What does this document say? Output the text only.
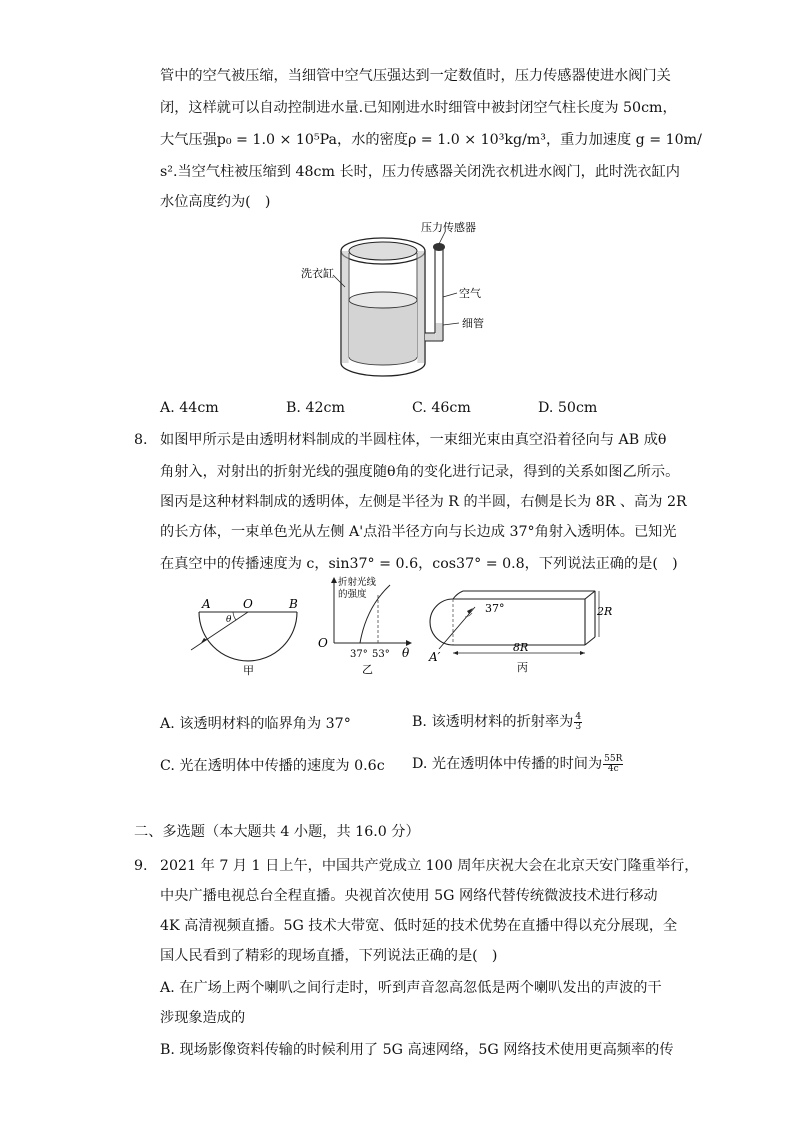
管中的空气被压缩，当细管中空气压强达到一定数值时，压力传感器使进水阀门关
闭，这样就可以自动控制进水量.已知刚进水时细管中被封闭空气柱长度为 50cm，
大气压强p₀ = 1.0 × 10⁵Pa，水的密度ρ = 1.0 × 10³kg/m³，重力加速度 g = 10m/
s².当空气柱被压缩到 48cm 长时，压力传感器关闭洗衣机进水阀门，此时洗衣缸内
水位高度约为(　)
压力传感器
洗衣缸
空气
细管
A. 44cm	B. 42cm	C. 46cm	D. 50cm
8. 如图甲所示是由透明材料制成的半圆柱体，一束细光束由真空沿着径向与 AB 成θ
角射入，对射出的折射光线的强度随θ角的变化进行记录，得到的关系如图乙所示。
图丙是这种材料制成的透明体，左侧是半径为 R 的半圆，右侧是长为 8R 、高为 2R
的长方体，一束单色光从左侧 A'点沿半径方向与长边成 37°角射入透明体。已知光
在真空中的传播速度为 c，sin37° = 0.6，cos37° = 0.8，下列说法正确的是(　)
A	O	B
θ
甲
折射光线
的强度
O
37° 53° θ
乙
37°	2R
8R
A′
丙
A. 该透明材料的临界角为 37°	B. 该透明材料的折射率为 $\frac{4}{3}$
C. 光在透明体中传播的速度为 0.6c D. 光在透明体中传播的时间为 $\frac{55R}{4c}$
二、多选题（本大题共 4 小题，共 16.0 分）
9. 2021 年 7 月 1 日上午，中国共产党成立 100 周年庆祝大会在北京天安门隆重举行，
中央广播电视总台全程直播。央视首次使用 5G 网络代替传统微波技术进行移动
4K 高清视频直播。5G 技术大带宽、低时延的技术优势在直播中得以充分展现，全
国人民看到了精彩的现场直播，下列说法正确的是(　)
A. 在广场上两个喇叭之间行走时，听到声音忽高忽低是两个喇叭发出的声波的干
涉现象造成的
B. 现场影像资料传输的时候利用了 5G 高速网络，5G 网络技术使用更高频率的传
